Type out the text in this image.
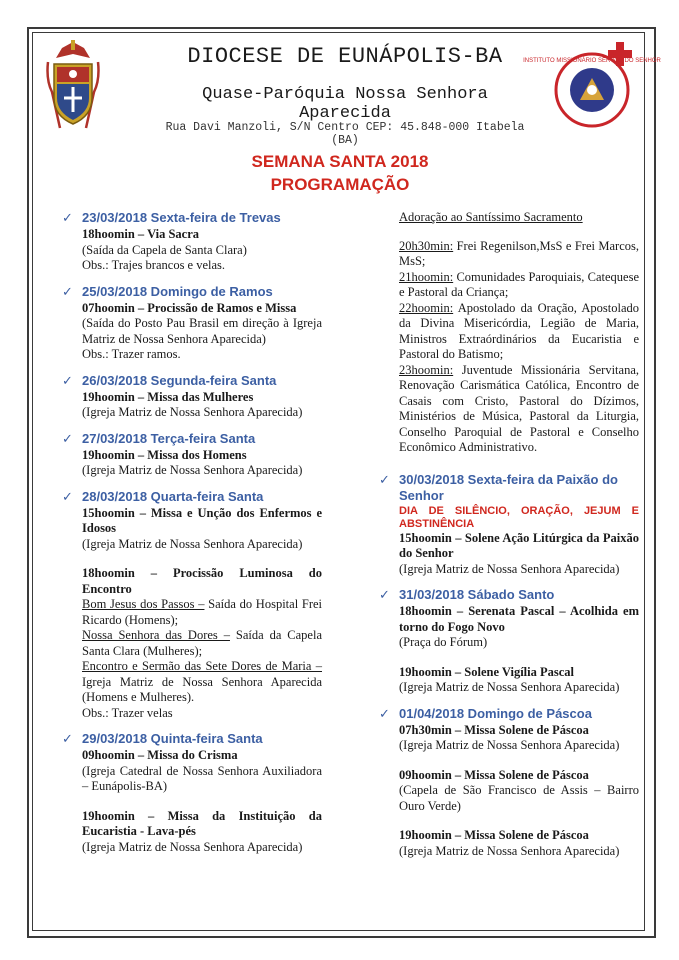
INSTITUTO MISSIONÁRIO SERVOS DO SENHOR
DIOCESE DE EUNÁPOLIS-BA
Quase-Paróquia Nossa Senhora Aparecida
Rua Davi Manzoli, S/N Centro CEP: 45.848-000 Itabela (BA)
SEMANA SANTA 2018
PROGRAMAÇÃO
✓ 23/03/2018 Sexta-feira de Trevas

18hoomin – Via Sacra

(Saída da Capela de Santa Clara)

Obs.: Trajes brancos e velas.

✓ 25/03/2018 Domingo de Ramos

07hoomin – Procissão de Ramos e Missa

(Saída do Posto Pau Brasil em direção à Igreja Matriz de Nossa Senhora Aparecida)

Obs.: Trazer ramos.

✓ 26/03/2018 Segunda-feira Santa

19hoomin – Missa das Mulheres

(Igreja Matriz de Nossa Senhora Aparecida)

✓ 27/03/2018 Terça-feira Santa

19hoomin – Missa dos Homens

(Igreja Matriz de Nossa Senhora Aparecida)

✓ 28/03/2018 Quarta-feira Santa

15hoomin – Missa e Unção dos Enfermos e Idosos

(Igreja Matriz de Nossa Senhora Aparecida)

18hoomin – Procissão Luminosa do Encontro

Bom Jesus dos Passos – Saída do Hospital Frei Ricardo (Homens);

Nossa Senhora das Dores – Saída da Capela Santa Clara (Mulheres);

Encontro e Sermão das Sete Dores de Maria – Igreja Matriz de Nossa Senhora Aparecida (Homens e Mulheres).

Obs.: Trazer velas

✓ 29/03/2018 Quinta-feira Santa

09hoomin – Missa do Crisma

(Igreja Catedral de Nossa Senhora Auxiliadora – Eunápolis-BA)

19hoomin – Missa da Instituição da Eucaristia - Lava-pés

(Igreja Matriz de Nossa Senhora Aparecida)

Adoração ao Santíssimo Sacramento

20h30min: Frei Regenilson,MsS e Frei Marcos, MsS;

21hoomin: Comunidades Paroquiais, Catequese e Pastoral da Criança;

22hoomin: Apostolado da Oração, Apostolado da Divina Misericórdia, Legião de Maria, Ministros Extraórdinários da Eucaristia e Pastoral do Batismo;

23hoomin: Juventude Missionária Servitana, Renovação Carismática Católica, Encontro de Casais com Cristo, Pastoral do Dízimos, Ministérios de Música, Pastoral da Liturgia, Conselho Paroquial de Pastoral e Conselho Econômico Administrativo.

✓ 30/03/2018 Sexta-feira da Paixão do Senhor

DIA DE SILÊNCIO, ORAÇÃO, JEJUM E ABSTINÊNCIA

15hoomin – Solene Ação Litúrgica da Paixão do Senhor

(Igreja Matriz de Nossa Senhora Aparecida)

✓ 31/03/2018 Sábado Santo

18hoomin – Serenata Pascal – Acolhida em torno do Fogo Novo

(Praça do Fórum)

19hoomin – Solene Vigília Pascal

(Igreja Matriz de Nossa Senhora Aparecida)

✓ 01/04/2018 Domingo de Páscoa

07h30min – Missa Solene de Páscoa

(Igreja Matriz de Nossa Senhora Aparecida)

09hoomin – Missa Solene de Páscoa

(Capela de São Francisco de Assis – Bairro Ouro Verde)

19hoomin – Missa Solene de Páscoa

(Igreja Matriz de Nossa Senhora Aparecida)
